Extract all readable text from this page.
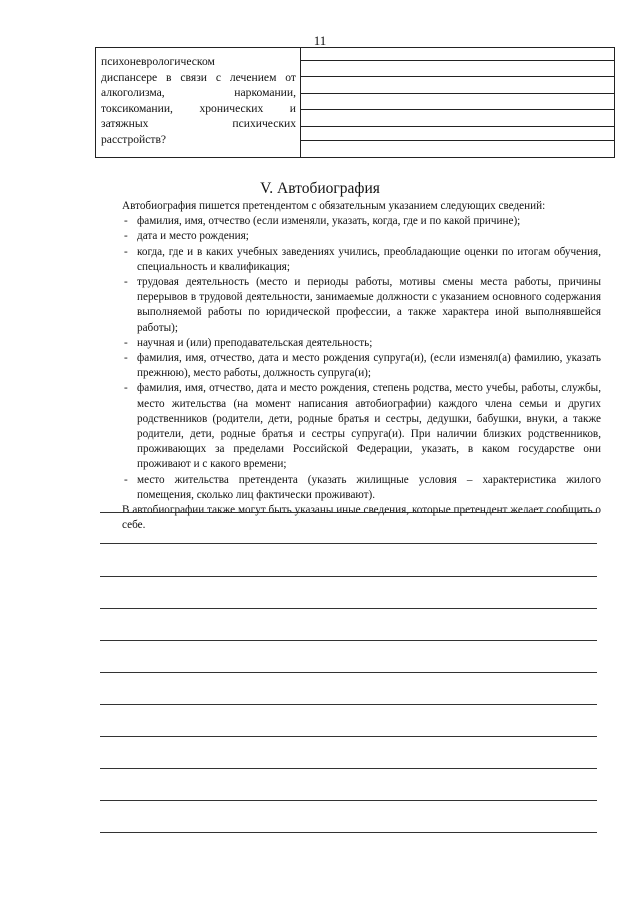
11
психоневрологическом
диспансере в связи с лечением от
алкоголизма, наркомании,
токсикомании, хронических и
затяжных психических
расстройств?
V. Автобиография
Автобиография пишется претендентом с обязательным указанием следующих сведений:
- фамилия, имя, отчество (если изменяли, указать, когда, где и по какой причине);
- дата и место рождения;
- когда, где и в каких учебных заведениях учились, преобладающие оценки по итогам обучения, специальность и квалификация;
- трудовая деятельность (место и периоды работы, мотивы смены места работы, причины перерывов в трудовой деятельности, занимаемые должности с указанием основного содержания выполняемой работы по юридической профессии, а также характера иной выполнявшейся работы);
- научная и (или) преподавательская деятельность;
- фамилия, имя, отчество, дата и место рождения супруга(и), (если изменял(а) фамилию, указать прежнюю), место работы, должность супруга(и);
- фамилия, имя, отчество, дата и место рождения, степень родства, место учебы, работы, службы, место жительства (на момент написания автобиографии) каждого члена семьи и других родственников (родители, дети, родные братья и сестры, дедушки, бабушки, внуки, а также родители, дети, родные братья и сестры супруга(и). При наличии близких родственников, проживающих за пределами Российской Федерации, указать, в каком государстве они проживают и с какого времени;
- место жительства претендента (указать жилищные условия – характеристика жилого помещения, сколько лиц фактически проживают).
В автобиографии также могут быть указаны иные сведения, которые претендент желает сообщить о себе.
